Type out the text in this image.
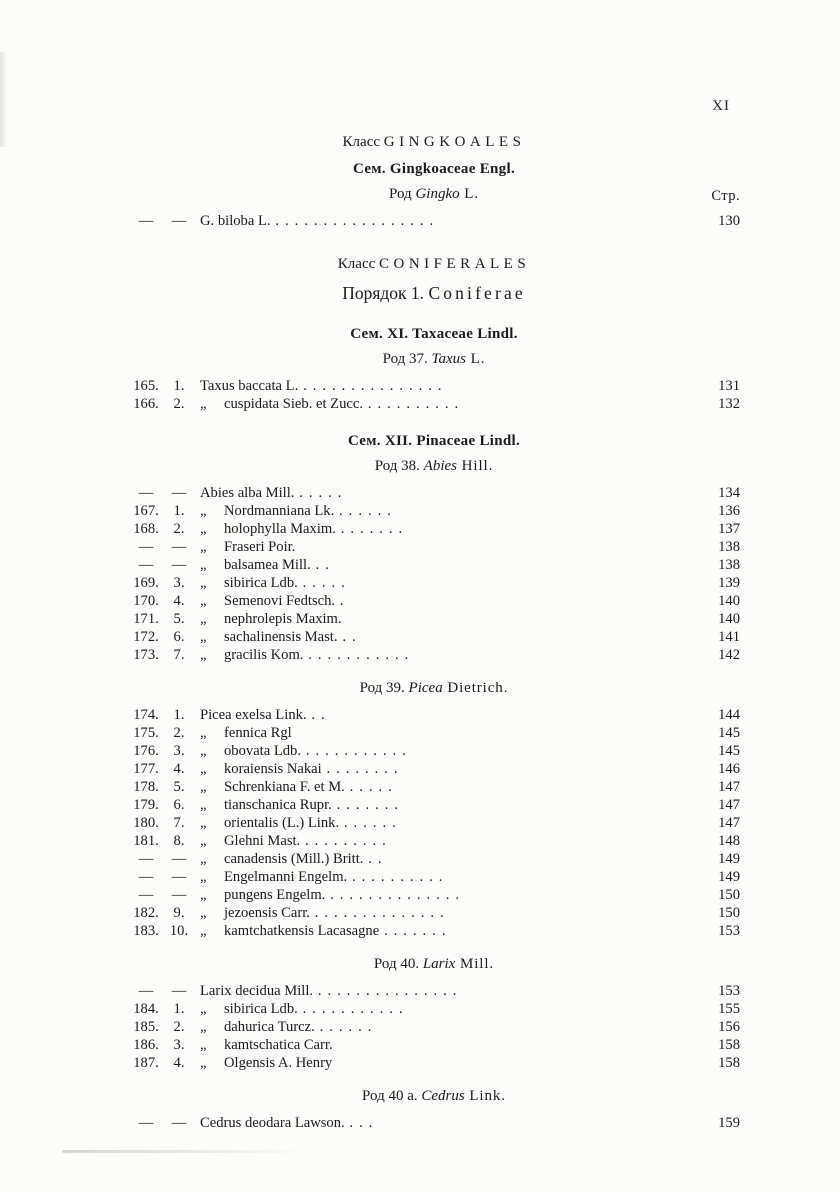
XI
Класс GINGKOALES
Сем. Gingkoaceae Engl.
Род Gingko L.	Стр.
—	— G. biloba L. . . . . . . . . . . . . . . . . .	130
Класс CONIFERALES
Порядок 1. Coniferae
Сем. XI. Taxaceae Lindl.
Род 37. Taxus L.
165.	1.	Taxus baccata L. . . . . . . . . . . . . . . .	131
166.	2.	„ cuspidata Sieb. et Zucc. . . . . . . . . . .	132
Сем. XII. Pinaceae Lindl.
Род 38. Abies Hill.
—	— Abies alba Mill. . . . . .	134
167.	1.	„ Nordmanniana Lk. . . . . . .	136
168.	2.	„ holophylla Maxim. . . . . . . .	137
—	— „ Fraseri Poir.	138
—	— „ balsamea Mill. . .	138
169.	3.	„ sibirica Ldb. . . . . .	139
170.	4.	„ Semenovi Fedtsch. .	140
171.	5.	„ nephrolepis Maxim.	140
172.	6.	„ sachalinensis Mast. . .	141
173.	7.	„ gracilis Kom. . . . . . . . . . . .	142
Род 39. Picea Dietrich.
174.	1.	Picea exelsa Link. . .	144
175.	2.	„ fennica Rgl	145
176.	3.	„ obovata Ldb. . . . . . . . . . . .	145
177.	4.	„ koraiensis Nakai . . . . . . . .	146
178.	5.	„ Schrenkiana F. et M. . . . . .	147
179.	6.	„ tianschanica Rupr. . . . . . . .	147
180.	7.	„ orientalis (L.) Link. . . . . . .	147
181.	8.	„ Glehni Mast. . . . . . . . . .	148
—	— „ canadensis (Mill.) Britt. . .	149
—	— „ Engelmanni Engelm. . . . . . . . . . .	149
—	— „ pungens Engelm. . . . . . . . . . . . . . .	150
182.	9.	„ jezoensis Carr. . . . . . . . . . . . . . .	150
183. 10. „ kamtchatkensis Lacasagne . . . . . . .	153
Род 40. Larix Mill.
—	— Larix decidua Mill. . . . . . . . . . . . . . . .	153
184.	1.	„ sibirica Ldb. . . . . . . . . . . .	155
185.	2.	„ dahurica Turcz. . . . . . .	156
186.	3.	„ kamtschatica Carr.	158
187.	4.	„ Olgensis A. Henry	158
Род 40 а. Cedrus Link.
—	— Cedrus deodara Lawson. . . .	159
